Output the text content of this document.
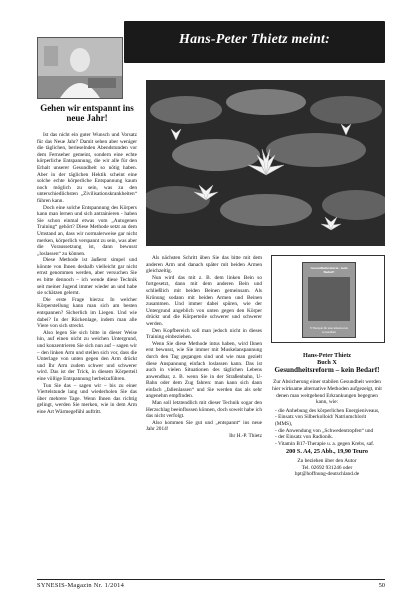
Hans-Peter Thietz meint:
Gehen wir entspannt ins neue Jahr!

Ist das nicht ein guter Wunsch und Vorsatz für das Neue Jahr? Damit sehen aber weniger die täglichen, berieselnden Abendstunden vor dem Fernseher gemeint, sondern eine echte körperliche Entspannung, die wir alle für den Erhalt unserer Gesundheit so nötig haben. Aber in der täglichen Hektik scheint eine solche echte körperliche Entspannung kaum noch möglich zu sein, was zu den unterschiedlichsten „Zivilisationskrankheiten“ führen kann.

Doch eine solche Entspannung des Körpers kann man lernen und sich antrainieren - haben Sie schon einmal etwas vom „Autogenen Training“ gehört? Diese Methode setzt an dem Umstand an, dass wir normalerweise gar nicht merken, körperlich verspannt zu sein, was aber die Voraussetzung ist, dann bewusst „loslassen“ zu können.

Diese Methode ist äußerst simpel und könnte von Ihnen deshalb vielleicht gar nicht ernst genommen werden, aber versuchen Sie es bitte dennoch – ich wende diese Technik seit meiner Jugend immer wieder an und habe sie schätzen gelernt.

Die erste Frage hierzu: In welcher Körperstellung kann man sich am besten entspannen? Sicherlich im Liegen. Und wie dabei? In der Rückenlage, indem man alle Viere von sich streckt.

Also legen Sie sich bitte in dieser Weise hin, auf einen nicht zu weichen Untergrund, und konzentrieren Sie sich nun auf – sagen wir – den linken Arm und stellen sich vor, dass die Unterlage von unten gegen den Arm drückt und Ihr Arm zudem schwer und schwerer wird. Das ist der Trick, in diesem Körperteil eine völlige Entspannung herbeizuführen.

Tun Sie das – sagen wir – bis zu einer Viertelstunde lang und wiederholen Sie das über mehrere Tage. Wenn Ihnen das richtig gelingt, werden Sie merken, wie in dem Arm eine Art Wärmegefühl auftritt.

Als nächsten Schritt üben Sie das bitte mit dem anderen Arm und danach später mit beiden Armen gleichzeitig.

Nun wird das mit z. B. dem linken Bein so fortgesetzt, dann mit dem anderen Bein und schließlich mit beiden Beinen gemeinsam. Als Krönung sodann mit beiden Armen und Beinen zusammen. Und immer dabei spüren, wie der Untergrund angeblich von unten gegen den Körper drückt und die Körperteile schwerer und schwerer werden.

Den Kopfbereich soll man jedoch nicht in dieses Training einbeziehen.

Wenn Sie diese Methode intus haben, wird Ihnen erst bewusst, wie Sie immer mit Muskelanspannung durch den Tag gegangen sind und wie man gezielt diese Anspannung einfach loslassen kann. Das ist auch in vielen Situationen des täglichen Lebens anwendbar, z. B. wenn Sie in der Straßenbahn, U-Bahn oder dem Zug fahren: man kann sich dann einfach „fallenlassen“ und Sie werden das als sehr angenehm empfinden.

Man soll letztendlich mit dieser Technik sogar den Herzschlag beeinflussen können, doch soweit habe ich das nicht verfolgt.

Also kommen Sie gut und „entspannt“ ins neue Jahr 2014!

Ihr H.-P. Thietz

Gesundheitsreform - kein Bedarf!
8 Therapie für eine lebenswerte Gesundheit
Hans-Peter Thietz
Buch X
Gesundheitsreform – kein Bedarf!
Zur Absicherung einer stabilen Gesundheit werden hier wirksame alternative Methoden aufgezeigt, mit denen man weitgehend Erkrankungen begegnen kann, wie:
- die Anhebung des körperlichen Energieniveaus,
- Einsatz von Silberkolloid/ Natriumchlorit (MMS),
- die Anwendung von „Schwedentropfen“ und
- der Einsatz von Radionik.
- Vitamin B17-Therapie u. a. gegen Krebs, saf.
200 S. A4, 25 Abb., 19,90 Teuro
Zu beziehen über den Autor
Tel. 02692 931246 oder
hpt@hoffnung-deutschland.de
SYNESIS-Magazin Nr. 1/2014	50
